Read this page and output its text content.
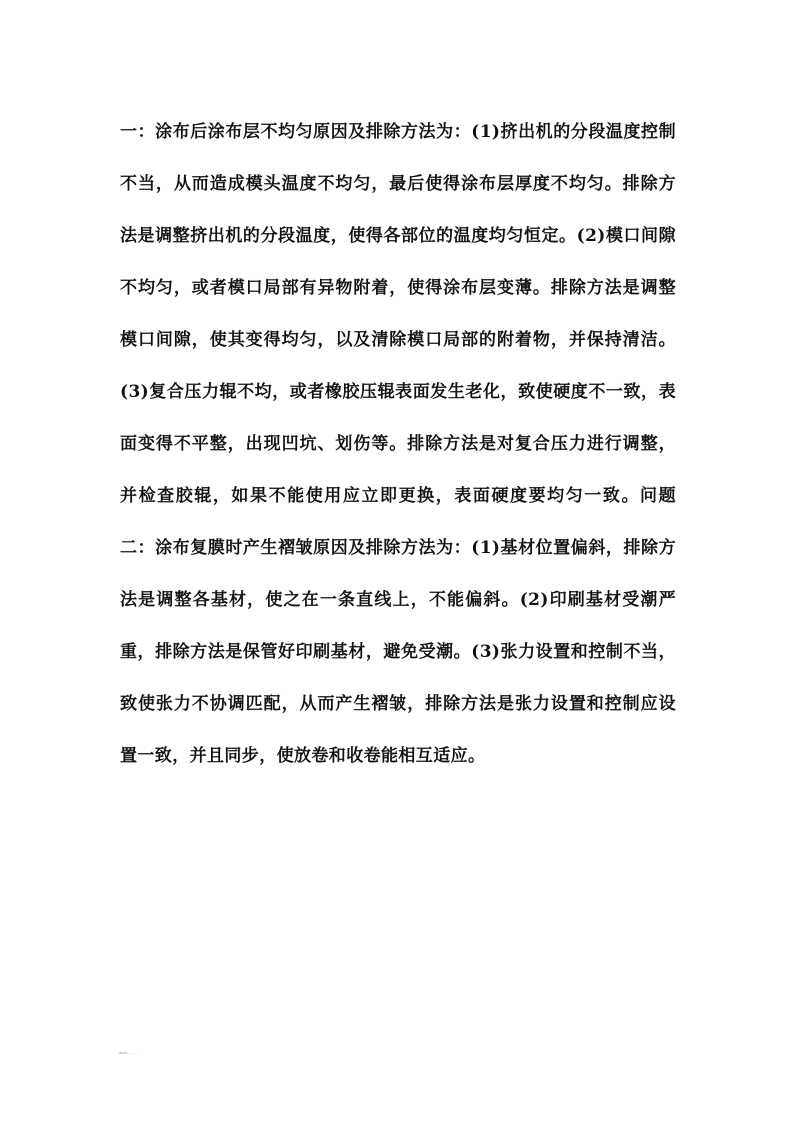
一：涂布后涂布层不均匀原因及排除方法为：(1)挤出机的分段温度控制不当，从而造成模头温度不均匀，最后使得涂布层厚度不均匀。排除方法是调整挤出机的分段温度，使得各部位的温度均匀恒定。(2)模口间隙不均匀，或者模口局部有异物附着，使得涂布层变薄。排除方法是调整模口间隙，使其变得均匀，以及清除模口局部的附着物，并保持清洁。(3)复合压力辊不均，或者橡胶压辊表面发生老化，致使硬度不一致，表面变得不平整，出现凹坑、划伤等。排除方法是对复合压力进行调整，并检查胶辊，如果不能使用应立即更换，表面硬度要均匀一致。问题二：涂布复膜时产生褶皱原因及排除方法为：(1)基材位置偏斜，排除方法是调整各基材，使之在一条直线上，不能偏斜。(2)印刷基材受潮严重，排除方法是保管好印刷基材，避免受潮。(3)张力设置和控制不当，致使张力不协调匹配，从而产生褶皱，排除方法是张力设置和控制应设置一致，并且同步，使放卷和收卷能相互适应。

Word ... ...
